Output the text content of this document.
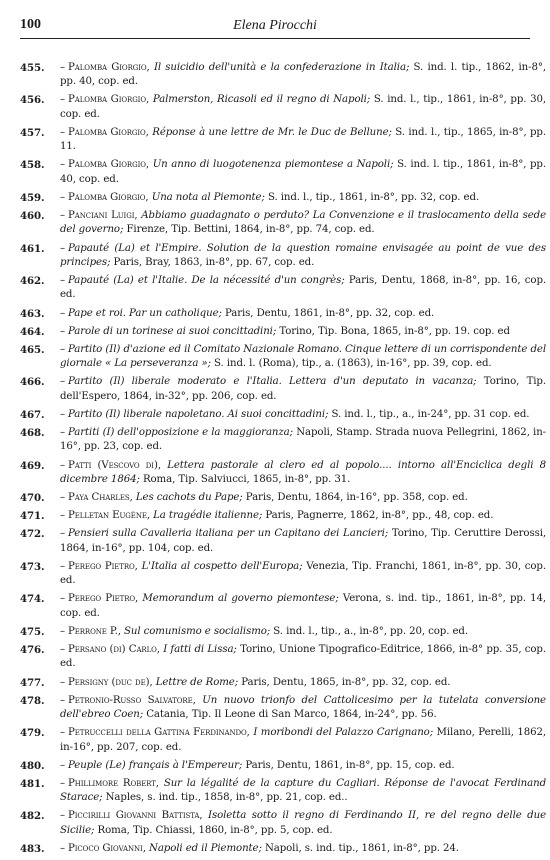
100	Elena Pirocchi
455. – Palomba Giorgio, Il suicidio dell'unità e la confederazione in Italia; S. ind. l. tip., 1862, in-8°, pp. 40, cop. ed.
456. – Palomba Giorgio, Palmerston, Ricasoli ed il regno di Napoli; S. ind. l., tip., 1861, in-8°, pp. 30, cop. ed.
457. – Palomba Giorgio, Réponse à une lettre de Mr. le Duc de Bellune; S. ind. l., tip., 1865, in-8°, pp. 11.
458. – Palomba Giorgio, Un anno di luogotenenza piemontese a Napoli; S. ind. l. tip., 1861, in-8°, pp. 40, cop. ed.
459. – Palomba Giorgio, Una nota al Piemonte; S. ind. l., tip., 1861, in-8°, pp. 32, cop. ed.
460. – Panciani Luigi, Abbiamo guadagnato o perduto? La Convenzione e il traslocamento della sede del governo; Firenze, Tip. Bettini, 1864, in-8°, pp. 74, cop. ed.
461. – Papauté (La) et l'Empire. Solution de la question romaine envisagée au point de vue des principes; Paris, Bray, 1863, in-8°, pp. 67, cop. ed.
462. – Papauté (La) et l'Italie. De la nécessité d'un congrès; Paris, Dentu, 1868, in-8°, pp. 16, cop. ed.
463. – Pape et roi. Par un catholique; Paris, Dentu, 1861, in-8°, pp. 32, cop. ed.
464. – Parole di un torinese ai suoi concittadini; Torino, Tip. Bona, 1865, in-8°, pp. 19. cop. ed
465. – Partito (Il) d'azione ed il Comitato Nazionale Romano. Cinque lettere di un corrispondente del giornale « La perseveranza »; S. ind. l. (Roma), tip., a. (1863), in-16°, pp. 39, cop. ed.
466. – Partito (Il) liberale moderato e l'Italia. Lettera d'un deputato in vacanza; Torino, Tip. dell'Espero, 1864, in-32°, pp. 206, cop. ed.
467. – Partito (Il) liberale napoletano. Ai suoi concittadini; S. ind. l., tip., a., in-24°, pp. 31 cop. ed.
468. – Partiti (I) dell'opposizione e la maggioranza; Napoli, Stamp. Strada nuova Pellegrini, 1862, in-16°, pp. 23, cop. ed.
469. – Patti (Vescovo di), Lettera pastorale al clero ed al popolo.... intorno all'Enciclica degli 8 dicembre 1864; Roma, Tip. Salviucci, 1865, in-8°, pp. 31.
470. – Paya Charles, Les cachots du Pape; Paris, Dentu, 1864, in-16°, pp. 358, cop. ed.
471. – Pelletan Eugène, La tragédie italienne; Paris, Pagnerre, 1862, in-8°, pp., 48, cop. ed.
472. – Pensieri sulla Cavalleria italiana per un Capitano dei Lancieri; Torino, Tip. Ceruttire Derossi, 1864, in-16°, pp. 104, cop. ed.
473. – Perego Pietro, L'Italia al cospetto dell'Europa; Venezia, Tip. Franchi, 1861, in-8°, pp. 30, cop. ed.
474. – Perego Pietro, Memorandum al governo piemontese; Verona, s. ind. tip., 1861, in-8°, pp. 14, cop. ed.
475. – Perrone P., Sul comunismo e socialismo; S. ind. l., tip., a., in-8°, pp. 20, cop. ed.
476. – Persano (di) Carlo, I fatti di Lissa; Torino, Unione Tipografico-Editrice, 1866, in-8° pp. 35, cop. ed.
477. – Persigny (duc de), Lettre de Rome; Paris, Dentu, 1865, in-8°, pp. 32, cop. ed.
478. – Petronio-Russo Salvatore, Un nuovo trionfo del Cattolicesimo per la tutelata conversione dell'ebreo Coen; Catania, Tip. Il Leone di San Marco, 1864, in-24°, pp. 56.
479. – Petruccelli della Gattina Ferdinando, I moribondi del Palazzo Carignano; Milano, Perelli, 1862, in-16°, pp. 207, cop. ed.
480. – Peuple (Le) français à l'Empereur; Paris, Dentu, 1861, in-8°, pp. 15, cop. ed.
481. – Phillimore Robert, Sur la légalité de la capture du Cagliari. Réponse de l'avocat Ferdinand Starace; Naples, s. ind. tip., 1858, in-8°, pp. 21, cop. ed..
482. – Piccirilli Giovanni Battista, Isoletta sotto il regno di Ferdinando II, re del regno delle due Sicilie; Roma, Tip. Chiassi, 1860, in-8°, pp. 5, cop. ed.
483. – Picoco Giovanni, Napoli ed il Piemonte; Napoli, s. ind. tip., 1861, in-8°, pp. 24.
